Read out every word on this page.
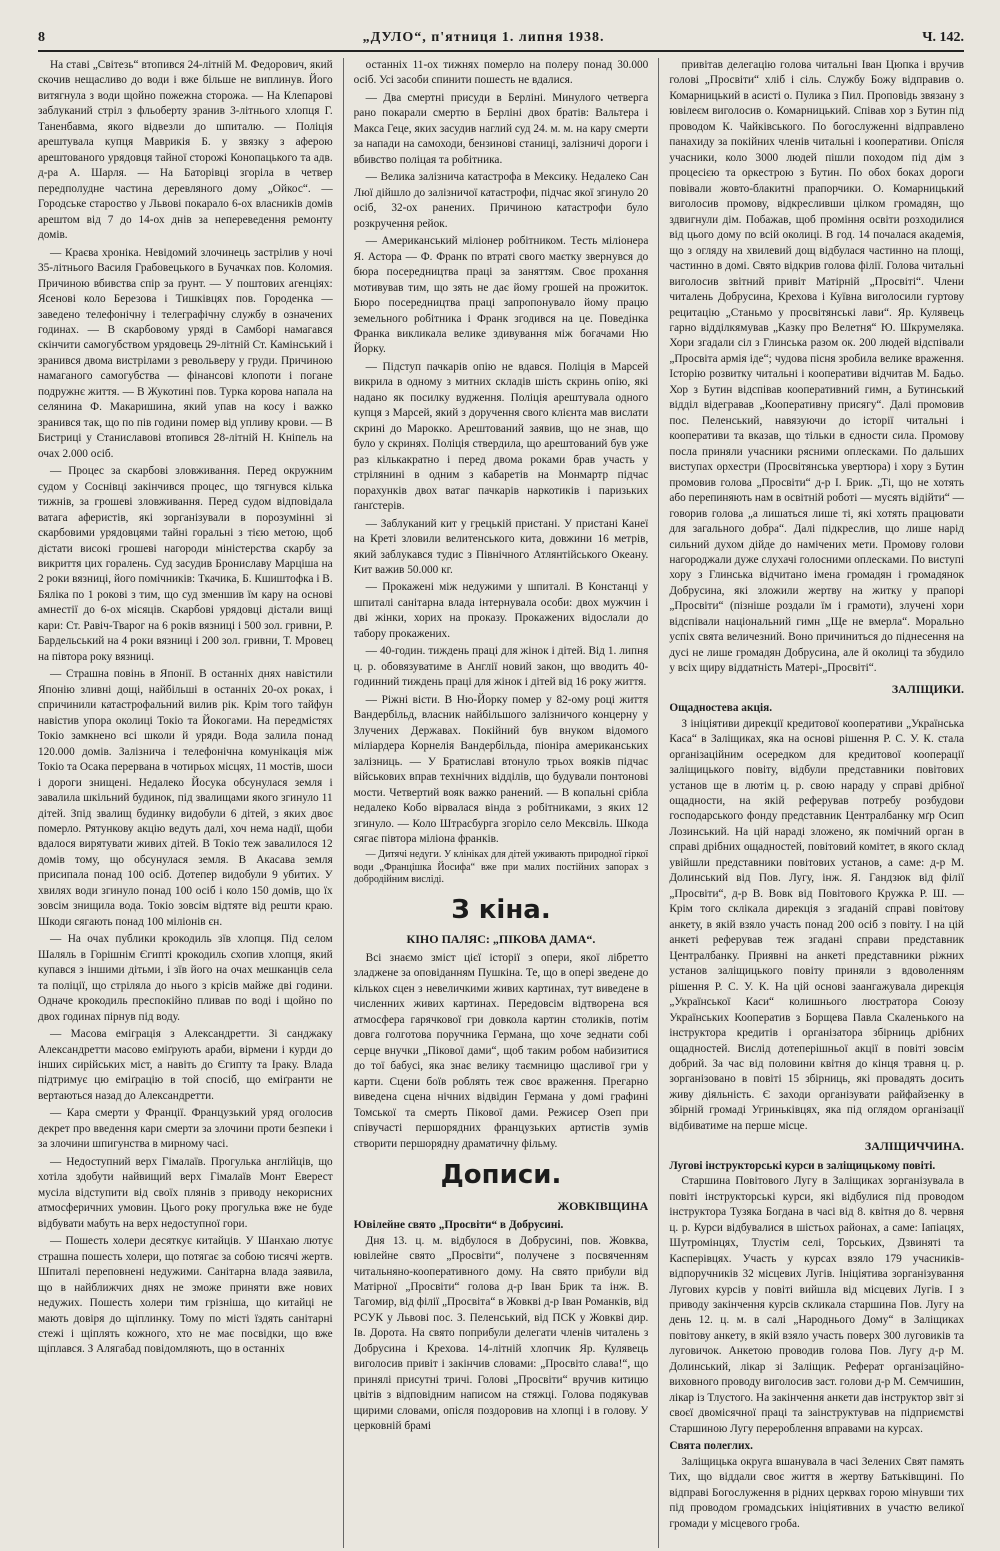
8	„ДУЛО“, п'ятниця 1. липня 1938.	Ч. 142.

На ставі „Світезь“ втопився 24-літній М. Федорович, який скочив нещасливо до води і вже більше не виплинув. Його витягнула з води щойно пожежна сторожа. — На Клепарові заблуканий стріл з фльоберту зранив 3-літнього хлопця Г. Таненбавма, якого відвезли до шпиталю. — Поліція арештувала купця Маврикія Б. у звязку з аферою арештованого урядовця тайної сторожі Конопацького та адв. д-ра А. Шарля. — На Баторівці згоріла в четвер передполудне частина деревляного дому „Ойкос“. — Городське староство у Львові покарало 6-ох власників домів арештом від 7 до 14-ох днів за непереведення ремонту домів.

— Краєва хроніка. Невідомий злочинець застрілив у ночі 35-літнього Василя Грабовецького в Бучачках пов. Коломия. Причиною вбивства спір за ґрунт. — У поштових агенціях: Ясенові коло Березова і Тишківцях пов. Городенка — заведено телефонічну і телеграфічну службу в означених годинах. — В скарбовому уряді в Самборі намагався скінчити самогубством урядовець 29-літній Ст. Камінський і зранився двома вистрілами з револьверу у груди. Причиною намаганого самогубства — фінансові клопоти і погане подружнє життя. — В Жукотині пов. Турка корова напала на селянина Ф. Макаришина, який упав на косу і важко зранився так, що по пів години помер від упливу крови. — В Бистриці у Станиславові втопився 28-літній Н. Кніпель на очах 2.000 осіб.

— Процес за скарбові зловживання. Перед окружним судом у Соснівці закінчився процес, що тягнувся кілька тижнів, за грошеві зловживання. Перед судом відповідала ватага аферистів, які зорганізували в порозумінні зі скарбовими урядовцями тайні горальні з тією метою, щоб дістати високі грошеві нагороди міністерства скарбу за викриття цих горалень. Суд засудив Брониславу Марціша на 2 роки вязниці, його помічників: Ткачика, Б. Кшиштофка і В. Бяліка по 1 рокові з тим, що суд зменшив їм кару на основі амнестії до 6-ох місяців. Скарбові урядовці дістали вищі кари: Ст. Равіч-Тварог на 6 років вязниці і 500 зол. гривни, Р. Бардельський на 4 роки вязниці і 200 зол. гривни, Т. Мровец на півтора року вязниці.

— Страшна повінь в Японії. В останніх днях навістили Японію зливні дощі, найбільші в останніх 20-ох роках, і спричинили катастрофальний вилив рік. Крім того тайфун навістив упора околиці Токіо та Йокогами. На передмістях Токіо замкнено всі школи й уряди. Вода залила понад 120.000 домів. Залізнича і телефонічна комунікація між Токіо та Осака перервана в чотирьох місцях, 11 мостів, шоси і дороги знищені. Недалеко Йосука обсунулася земля і завалила шкільний будинок, під звалищами якого згинуло 11 дітей. Зпід звалищ будинку видобули 6 дітей, з яких двоє померло. Рятункову акцію ведуть далі, хоч нема надії, щоби вдалося вирятувати живих дітей. В Токіо теж завалилося 12 домів тому, що обсунулася земля. В Акасава земля присипала понад 100 осіб. Дотепер видобули 9 убитих. У хвилях води згинуло понад 100 осіб і коло 150 домів, що їх зовсім знищила вода. Токіо зовсім відтяте від решти краю. Шкоди сягають понад 100 міліонів єн.

— На очах публики крокодиль зїв хлопця. Під селом Шаляль в Горішнім Єгипті крокодиль схопив хлопця, який купався з іншими дітьми, і зїв його на очах мешканців села та поліції, що стріляла до нього з крісів майже дві години. Одначе крокодиль преспокійно пливав по воді і щойно по двох годинах пірнув під воду.

— Масова еміграція з Александретти. Зі санджаку Александретти масово еміґрують араби, вірмени і курди до інших сирійських міст, а навіть до Єгипту та Іраку. Влада підтримує цю еміґрацію в той спосіб, що еміґранти не вертаються назад до Александретти.

— Кара смерти у Франції. Французький уряд оголосив декрет про введення кари смерти за злочини проти безпеки і за злочини шпигунства в мирному часі.

— Недоступний верх Гімалаїв. Прогулька англійців, що хотіла здобути найвищий верх Гімалаїв Монт Еверест мусіла відступити від своїх плянів з приводу некорисних атмосферичних умовин. Цього року прогулька вже не буде відбувати мабуть на верх недоступної гори.

— Пошесть холери десяткує китайців. У Шанхаю лютує страшна пошесть холери, що потягає за собою тисячі жертв. Шпиталі переповнені недужими. Санітарна влада заявила, що в найближчих днях не зможе приняти вже нових недужих. Пошесть холери тим грізніша, що китайці не мають довіря до щіплинку. Тому по місті їздять санітарні стежі і щіплять кожного, хто не має посвідки, що вже щіплався. З Алягабад повідомляють, що в останніх

останніх 11-ох тижнях померло на полеру понад 30.000 осіб. Усі засоби спинити пошесть не вдалися.

— Два смертні присуди в Берліні. Минулого четверга рано покарали смертю в Берліні двох братів: Вальтера і Макса Геце, яких засудив наглий суд 24. м. м. на кару смерти за напади на самоходи, бензинові станиці, залізничі дороги і вбивство поліцая та робітника.

— Велика залізнича катастрофа в Мексику. Недалеко Сан Люї дійшло до залізничої катастрофи, підчас якої згинуло 20 осіб, 32-ох ранених. Причиною катастрофи було розкручення рейок.

— Американський міліонер робітником. Тесть міліонера Я. Астора — Ф. Франк по втраті свого маєтку звернувся до бюра посередництва праці за заняттям. Своє прохання мотивував тим, що зять не дає йому грошей на прожиток. Бюро посередництва праці запропонувало йому працю земельного робітника і Франк згодився на це. Поведінка Франка викликала велике здивування між богачами Ню Йорку.

— Підступ пачкарів опію не вдався. Поліція в Марсей викрила в одному з митних складів шість скринь опію, які надано як посилку вудження. Поліція арештувала одного купця з Марсей, який з доручення свого клієнта мав вислати скрині до Марокко. Арештований заявив, що не знав, що було у скринях. Поліція ствердила, що арештований був уже раз кількакратно і перед двома роками брав участь у стрілянині в одним з кабаретів на Монмартр підчас порахунків двох ватаг пачкарів наркотиків і паризьких ґанґстерів.

— Заблуканий кит у грецькій пристані. У пристані Канеї на Креті зловили велитенського кита, довжини 16 метрів, який заблукався тудис з Північного Атлянтійського Океану. Кит важив 50.000 кг.

— Прокажені між недужими у шпиталі. В Констанці у шпиталі санітарна влада інтернувала особи: двох мужчин і дві жінки, хорих на проказу. Прокажених відослали до табору прокажених.

— 40-годин. тиждень праці для жінок і дітей. Від 1. липня ц. р. обовязуватиме в Англії новий закон, що вводить 40-годинний тиждень праці для жінок і дітей від 16 року життя.

— Ріжні вісти. В Ню-Йорку помер у 82-ому році життя Вандербільд, власник найбільшого залізничого концерну у Злучених Державах. Покійний був внуком відомого міліардера Корнелія Вандербільда, піоніра американських залізниць. — У Братиславі втонуло трьох вояків підчас військових вправ технічних відділів, що будували понтонові мости. Четвертий вояк важко ранений. — В копальні срібла недалеко Кобо вірвалася вінда з робітниками, з яких 12 згинуло. — Коло Штрасбурга згоріло село Мексвіль. Шкода сягає півтора міліона франків.

— Дитячі недуги. У клініках для дітей уживають природної гіркої води „Францішка Йосифа“ вже при малих постійних запорах з добродійним висліді.

З кіна.
КІНО ПАЛЯС: „ПІКОВА ДАМА“.

Всі знаємо зміст цієї історії з опери, якої лібретто зладжене за оповіданням Пушкіна. Те, що в опері зведене до кількох сцен з невеличкими живих картинах, тут виведене в численних живих картинах. Передовсім відтворена вся атмосфера гарячкової гри довкола картин столиків, потім довга голготова поручника Германа, що хоче зеднати собі серце внучки „Пікової дами“, щоб таким робом набизитися до тої бабусі, яка знає велику таємницю щасливої гри у карти. Сцени боїв роблять теж своє враження. Прегарно виведена сцена нічних відвідин Германа у домі графині Томської та смерть Пікової дами. Режисер Озеп при співучасті першорядних французьких артистів зумів створити першорядну драматичну фільму.

Дописи.
ЖОВКІВЩИНА
Ювілейне свято „Просвіти“ в Добрусині.

Дня 13. ц. м. відбулося в Добрусині, пов. Жовква, ювілейне свято „Просвіти“, получене з посвяченням читальняно-кооперативного дому. На свято прибули від Матірної „Просвіти“ голова д-р Іван Брик та інж. В. Тагомир, від філії „Просвіта“ в Жовкві д-р Іван Романків, від РСУК у Львові пос. З. Пеленський, від ПСК у Жовкві дир. Ів. Дорота. На свято поприбули делегати членів читалень з Добрусина і Крехова. 14-літній хлопчик Яр. Кулявець виголосив привіт і закінчив словами: „Просвіто слава!“, що принялі присутні тричі. Голові „Просвіти“ вручив китицю цвітів з відповідним написом на стяжці. Голова подякував щирими словами, опісля поздоровив на хлопці і в голову. У церковній брамі

привітав делегацію голова читальні Іван Цюпка і вручив голові „Просвіти“ хліб і сіль. Службу Божу відправив о. Комарницький в асисті о. Пулика з Пил. Проповідь звязану з ювілеєм виголосив о. Комарницький. Співав хор з Бутин під проводом К. Чайківського. По богослуженні відправлено панахиду за покійних членів читальні і кооперативи. Опісля учасники, коло 3000 людей пішли походом під дім з процесією та оркестрою з Бутин. По обох боках дороги повівали жовто-блакитні прапорчики. О. Комарницький виголосив промову, відкресливши цілком громадян, що здвигнули дім. Побажав, щоб проміння освіти розходилися від цього дому по всій околиці. В год. 14 почалася академія, що з огляду на хвилевий дощ відбулася частинно на площі, частинно в домі. Свято відкрив голова філії. Голова читальні виголосив звітний привіт Матірній „Просвіті“. Члени читалень Добрусина, Крехова і Куївна виголосили гуртову рецитацію „Станьмо у просвітянські лави“. Яр. Кулявець гарно відділкямував „Казку про Велетня“ Ю. Шкрумеляка. Хори згадали сіл з Глинська разом ок. 200 людей відспівали „Просвіта армія іде“; чудова пісня зробила велике враження. Історію розвитку читальні і кооперативи відчитав М. Бадьо. Хор з Бутин відспівав кооперативний гимн, а Бутинський відділ відегравав „Кооперативну присягу“. Далі промовив пос. Пеленський, навязуючи до історії читальні і кооперативи та вказав, що тільки в єдности сила. Промову посла приняли учасники рясними оплесками. По дальших виступах орхестри (Просвітянська увертюра) і хору з Бутин промовив голова „Просвіти“ д-р І. Брик. „Ті, що не хотять або перепиняють нам в освітній роботі — мусять відійти“ — говорив голова „а лишаться лише ті, які хотять працювати для загального добра“. Далі підкреслив, що лише нарід сильний духом дійде до намічених мети. Промову голови нагороджали дуже слухачі голосними оплесками. По виступі хору з Глинська відчитано імена громадян і громадянок Добрусина, які зложили жертву на житку у прапорі „Просвіти“ (пізніше роздали їм і грамоти), злучені хори відспівали національний гимн „Ще не вмерла“. Морально успіх свята величезний. Воно причиниться до піднесення на дусі не лише громадян Добрусина, але й околиці та збудило у всіх щиру віддатність Матері-„Просвіті“.

ЗАЛІЩИКИ.
Ощадностева акція.

З ініціятиви дирекції кредитової кооперативи „Українська Каса“ в Заліщиках, яка на основі рішення Р. С. У. К. стала організаційним осередком для кредитової кооперації заліщицького повіту, відбули представники повітових установ ще в лютім ц. р. свою нараду у справі дрібної ощадности, на якій реферував потребу розбудови господарського фонду представник Централбанку мґр Осип Лозинський. На цій нараді зложено, як помічний орган в справі дрібних ощадностей, повітовий комітет, в якого склад увійшли представники повітових установ, а саме: д-р М. Долинський від Пов. Лугу, інж. Я. Гандзюк від філії „Просвіти“, д-р В. Вовк від Повітового Кружка Р. Ш. — Крім того склікала дирекція з згаданій справі повітову анкету, в якій взяло участь понад 200 осіб з повіту. І на цій анкеті реферував теж згадані справи представник Централбанку. Приявні на анкеті представники ріжних установ заліщицького повіту приняли з вдоволенням рішення Р. С. У. К. На цій основі заангажувала дирекція „Української Каси“ колишнього люстратора Союзу Українських Кооператив з Борщева Павла Скаленького на інструктора кредитів і організатора збірниць дрібних ощадностей. Вислід дотеперішньої акції в повіті зовсім добрий. За час від половини квітня до кінця травня ц. р. зорганізовано в повіті 15 збірниць, які провадять досить живу діяльність. Є заходи організувати райфайзенку в збірній громаді Угриньківцях, яка під оглядом організації відбиватиме на перше місце.

ЗАЛІЩИЧЧИНА.
Лугові інструкторські курси в заліщицькому повіті.

Старшина Повітового Лугу в Заліщиках зорганізувала в повіті інструкторські курси, які відбулися під проводом інструктора Тузяка Богдана в часі від 8. квітня до 8. червня ц. р. Курси відбувалися в шістьох районах, а саме: Іапіацях, Шутромінцях, Тлустім селі, Торських, Дзвиняті та Касперівцях. Участь у курсах взяло 179 учасників-відпоручників 32 місцевих Лугів. Ініціятива зорганізування Лугових курсів у повіті вийшла від місцевих Лугів. І з приводу закінчення курсів скликала старшина Пов. Лугу на день 12. ц. м. в салі „Народнього Дому“ в Заліщиках повітову анкету, в якій взяло участь поверх 300 луговиків та луговичок. Анкетою проводив голова Пов. Лугу д-р М. Долинський, лікар зі Заліщик. Реферат організаційно-виховного проводу виголосив заст. голови д-р М. Семчишин, лікар із Тлустого. На закінчення анкети дав інструктор звіт зі своєї двомісячної праці та заінструктував на підприємстві Старшиною Лугу перероблення вправами на курсах.

Свята полеглих.

Заліщицька округа вшанувала в часі Зелених Свят память Тих, що віддали своє життя в жертву Батьківщині. По відправі Богослуження в рідних церквах горою мінувши тих під проводом громадських ініціятивних в участю великої громади у місцевого гроба.
